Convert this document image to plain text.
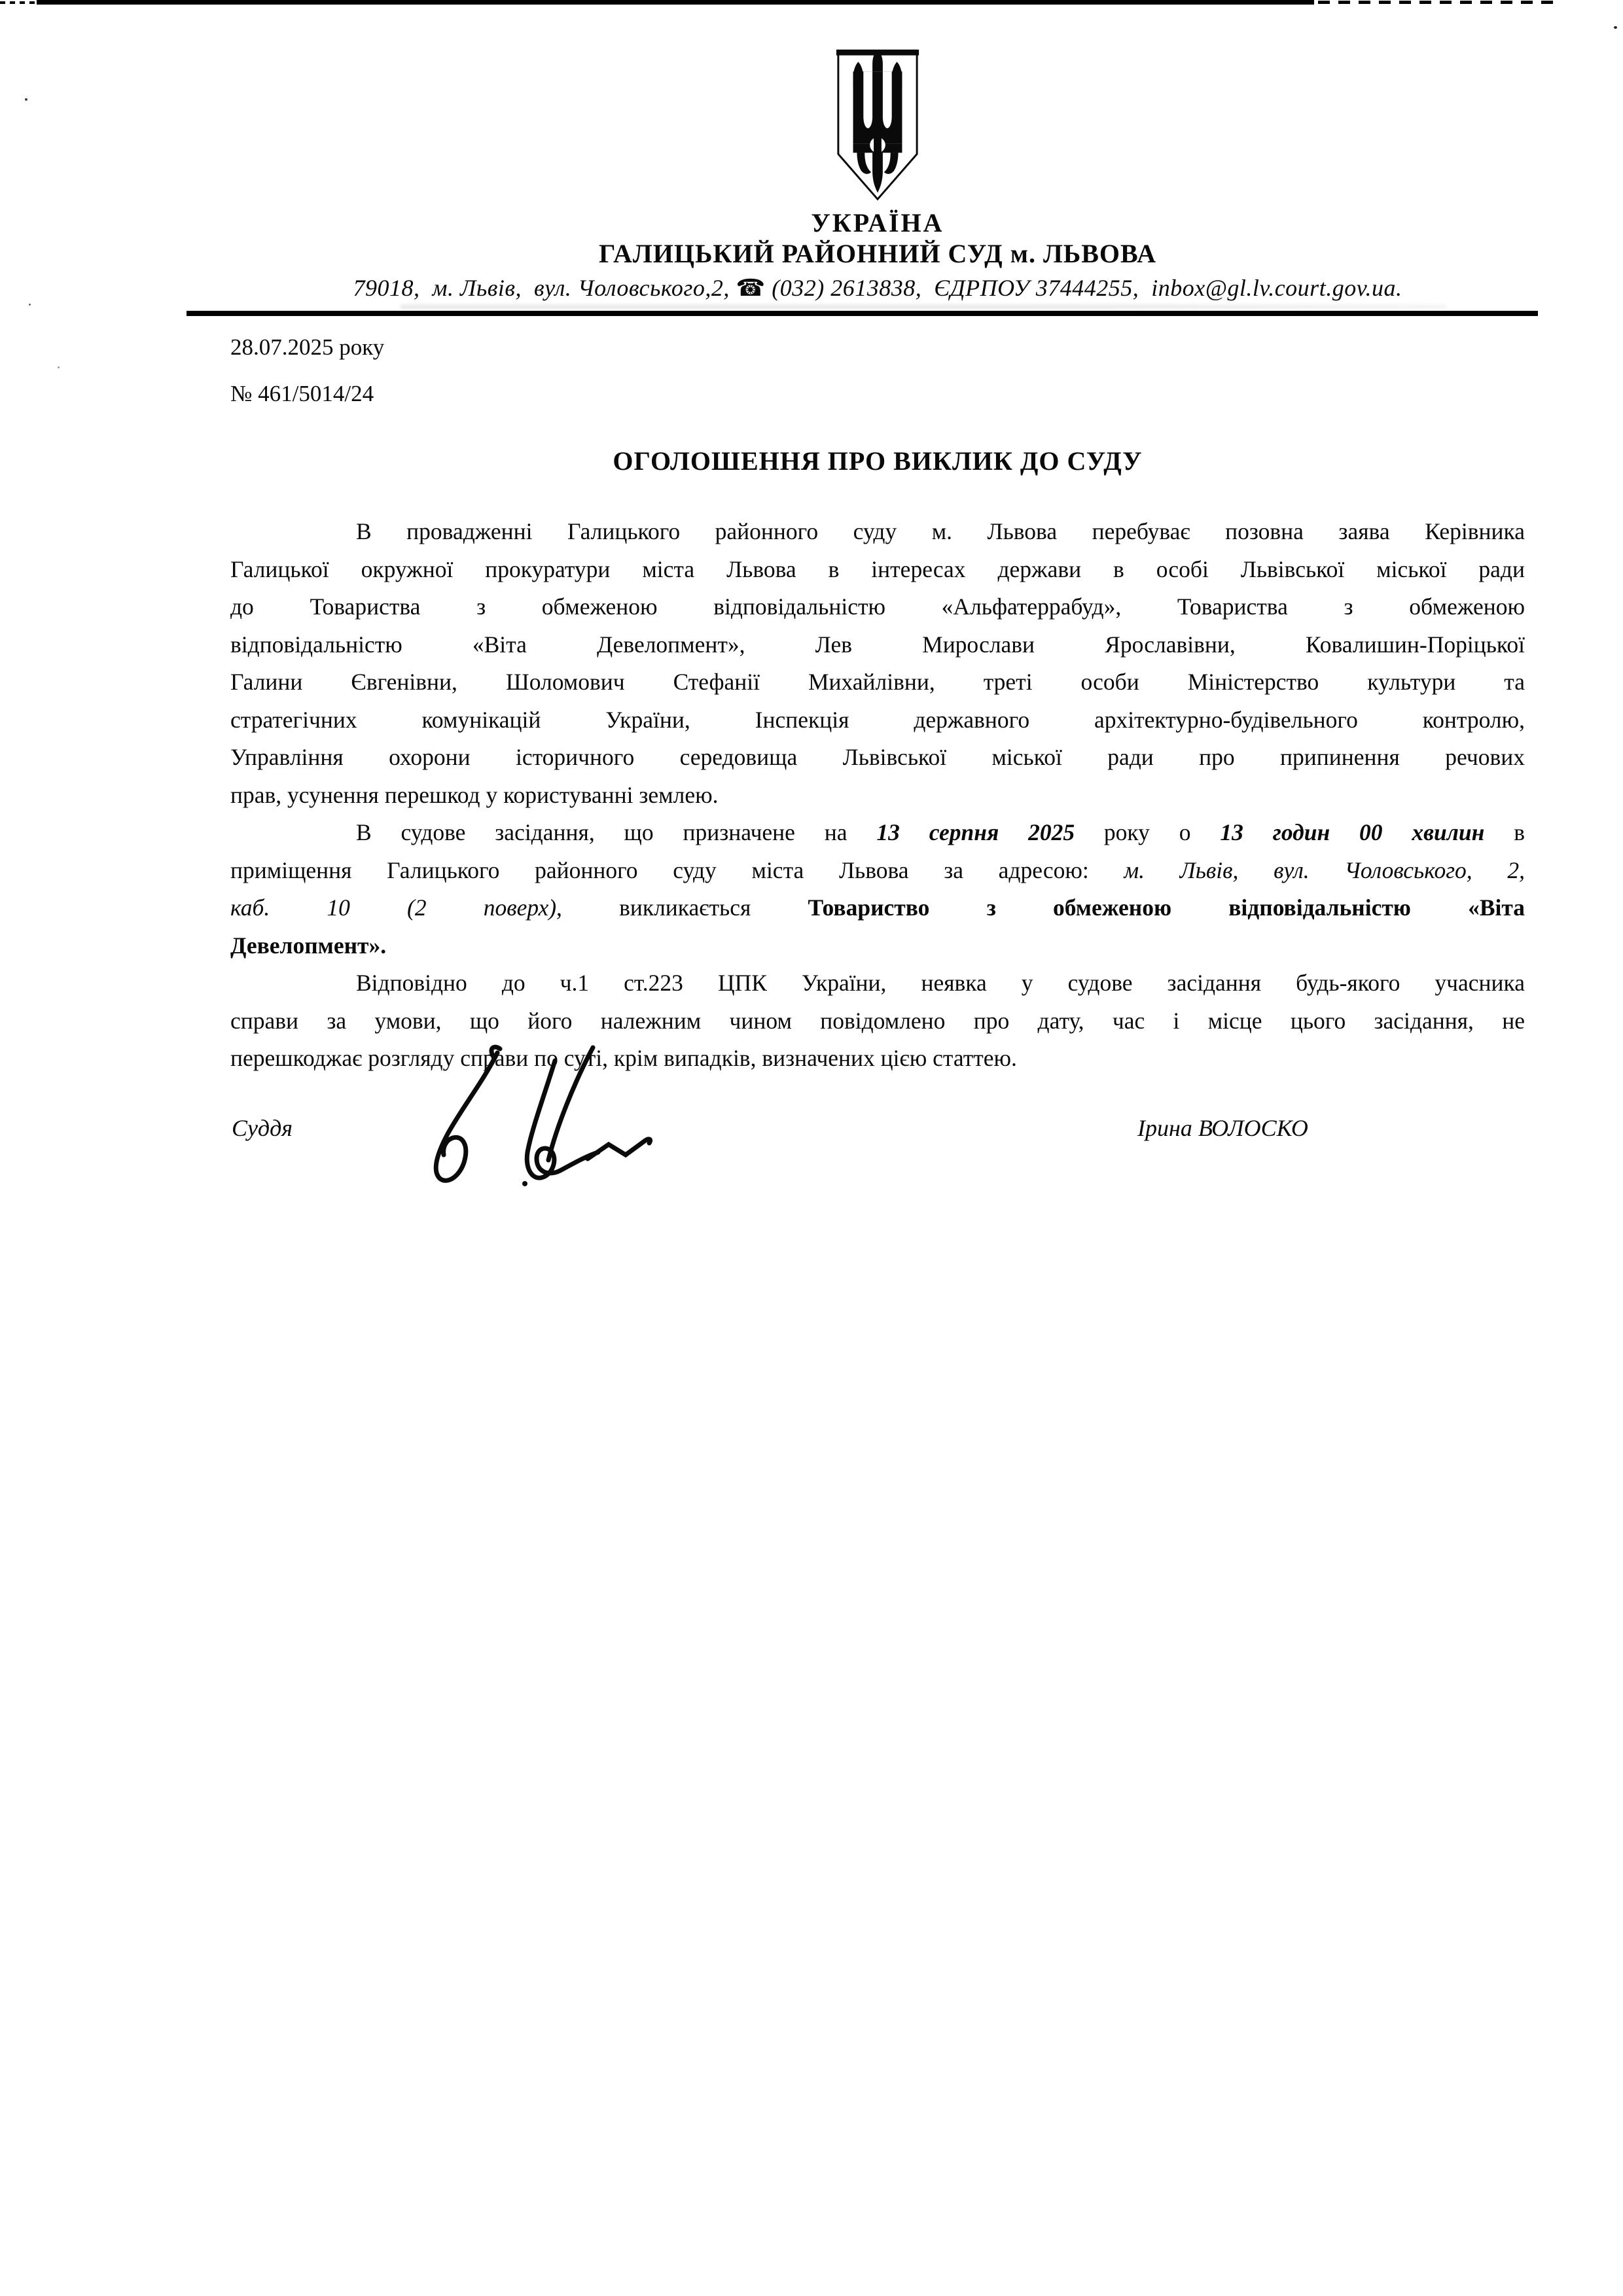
УКРАЇНА
ГАЛИЦЬКИЙ РАЙОННИЙ СУД м. ЛЬВОВА
79018,  м. Львів,  вул. Чоловського,2, ☎ (032) 2613838,  ЄДРПОУ 37444255,  inbox@gl.lv.court.gov.ua.
28.07.2025 року
№ 461/5014/24
ОГОЛОШЕННЯ ПРО ВИКЛИК ДО СУДУ
В провадженні Галицького районного суду м. Львова перебуває позовна заява Керівника
Галицької окружної прокуратури міста Львова в інтересах держави в особі Львівської міської ради
до Товариства з обмеженою відповідальністю «Альфатеррабуд», Товариства з обмеженою
відповідальністю «Віта Девелопмент», Лев Мирослави Ярославівни, Ковалишин-Поріцької
Галини Євгенівни, Шоломович Стефанії Михайлівни, треті особи Міністерство культури та
стратегічних комунікацій України, Інспекція державного архітектурно-будівельного контролю,
Управління охорони історичного середовища Львівської міської ради про припинення речових
прав, усунення перешкод у користуванні землею.
В судове засідання, що призначене на 13 серпня 2025 року о 13 годин 00 хвилин в
приміщення Галицького районного суду міста Львова за адресою: м. Львів, вул. Чоловського, 2,
каб. 10 (2 поверх), викликається Товариство з обмеженою відповідальністю «Віта
Девелопмент».
Відповідно до ч.1 ст.223 ЦПК України, неявка у судове засідання будь-якого учасника
справи за умови, що його належним чином повідомлено про дату, час і місце цього засідання, не
перешкоджає розгляду справи по суті, крім випадків, визначених цією статтею.
Суддя	Ірина ВОЛОСКО
